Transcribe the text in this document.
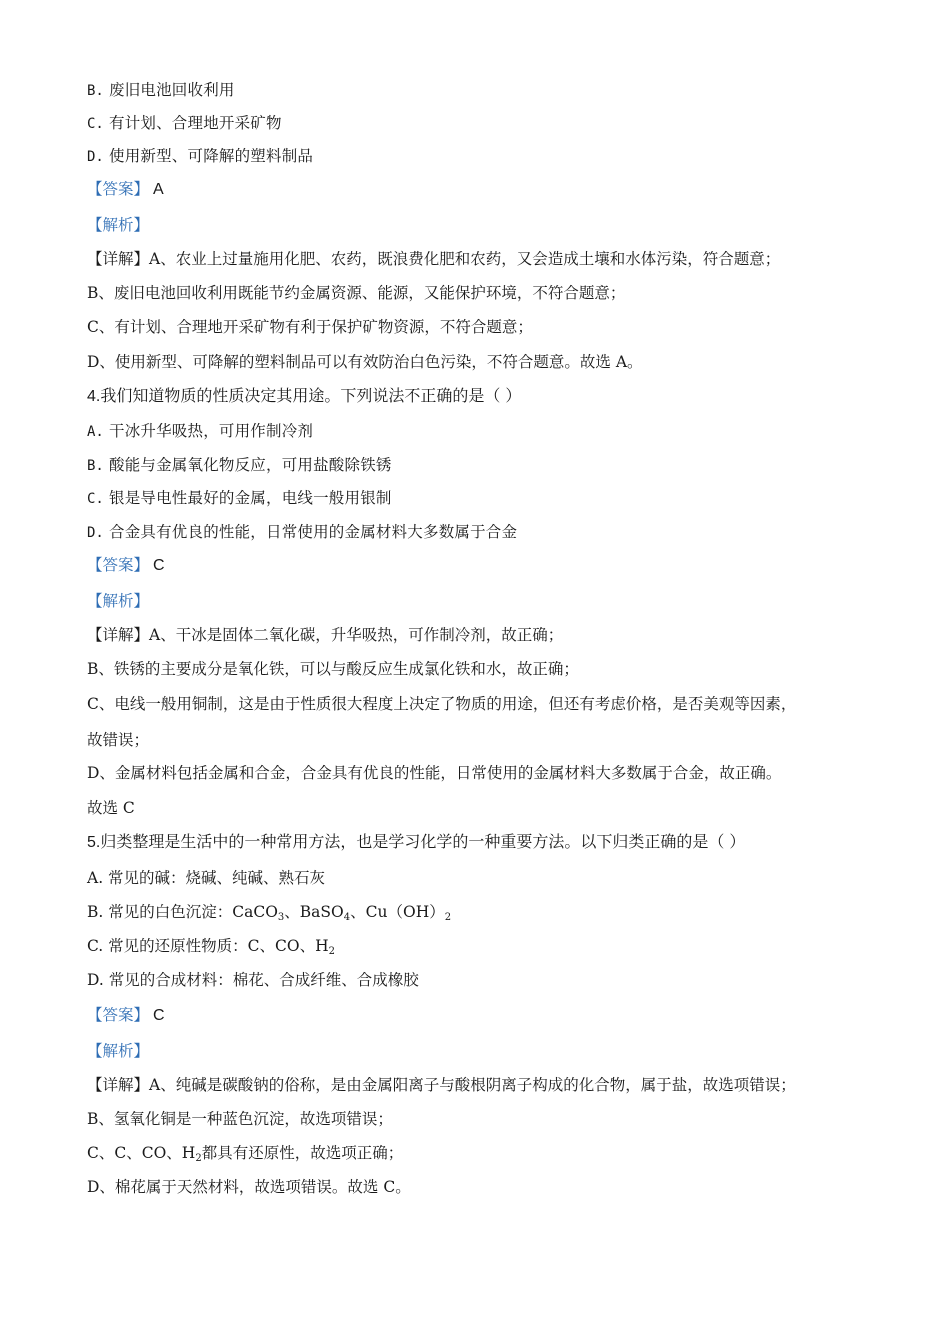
B. 废旧电池回收利用
C. 有计划、合理地开采矿物
D. 使用新型、可降解的塑料制品
【答案】 A
【解析】
【详解】A、农业上过量施用化肥、农药，既浪费化肥和农药，又会造成土壤和水体污染，符合题意；
B、废旧电池回收利用既能节约金属资源、能源，又能保护环境，不符合题意；
C、有计划、合理地开采矿物有利于保护矿物资源，不符合题意；
D、使用新型、可降解的塑料制品可以有效防治白色污染，不符合题意。故选 A。
4.我们知道物质的性质决定其用途。下列说法不正确的是（ ）
A. 干冰升华吸热，可用作制冷剂
B. 酸能与金属氧化物反应，可用盐酸除铁锈
C. 银是导电性最好的金属，电线一般用银制
D. 合金具有优良的性能，日常使用的金属材料大多数属于合金
【答案】 C
【解析】
【详解】A、干冰是固体二氧化碳，升华吸热，可作制冷剂，故正确；
B、铁锈的主要成分是氧化铁，可以与酸反应生成氯化铁和水，故正确；
C、电线一般用铜制，这是由于性质很大程度上决定了物质的用途，但还有考虑价格，是否美观等因素，
故错误；
D、金属材料包括金属和合金，合金具有优良的性能，日常使用的金属材料大多数属于合金，故正确。
故选 C
5.归类整理是生活中的一种常用方法，也是学习化学的一种重要方法。以下归类正确的是（ ）
A. 常见的碱：烧碱、纯碱、熟石灰
B. 常见的白色沉淀：CaCO$_3$、BaSO$_4$、$Cu(OH)_2$
C. 常见的还原性物质：C、CO、$H_2$
D. 常见的合成材料：棉花、合成纤维、合成橡胶
【答案】 C
【解析】
【详解】A、纯碱是碳酸钠的俗称，是由金属阳离子与酸根阴离子构成的化合物，属于盐，故选项错误；
B、氢氧化铜是一种蓝色沉淀，故选项错误；
C、C、CO、$H_2$都具有还原性，故选项正确；
D、棉花属于天然材料，故选项错误。故选 C。
